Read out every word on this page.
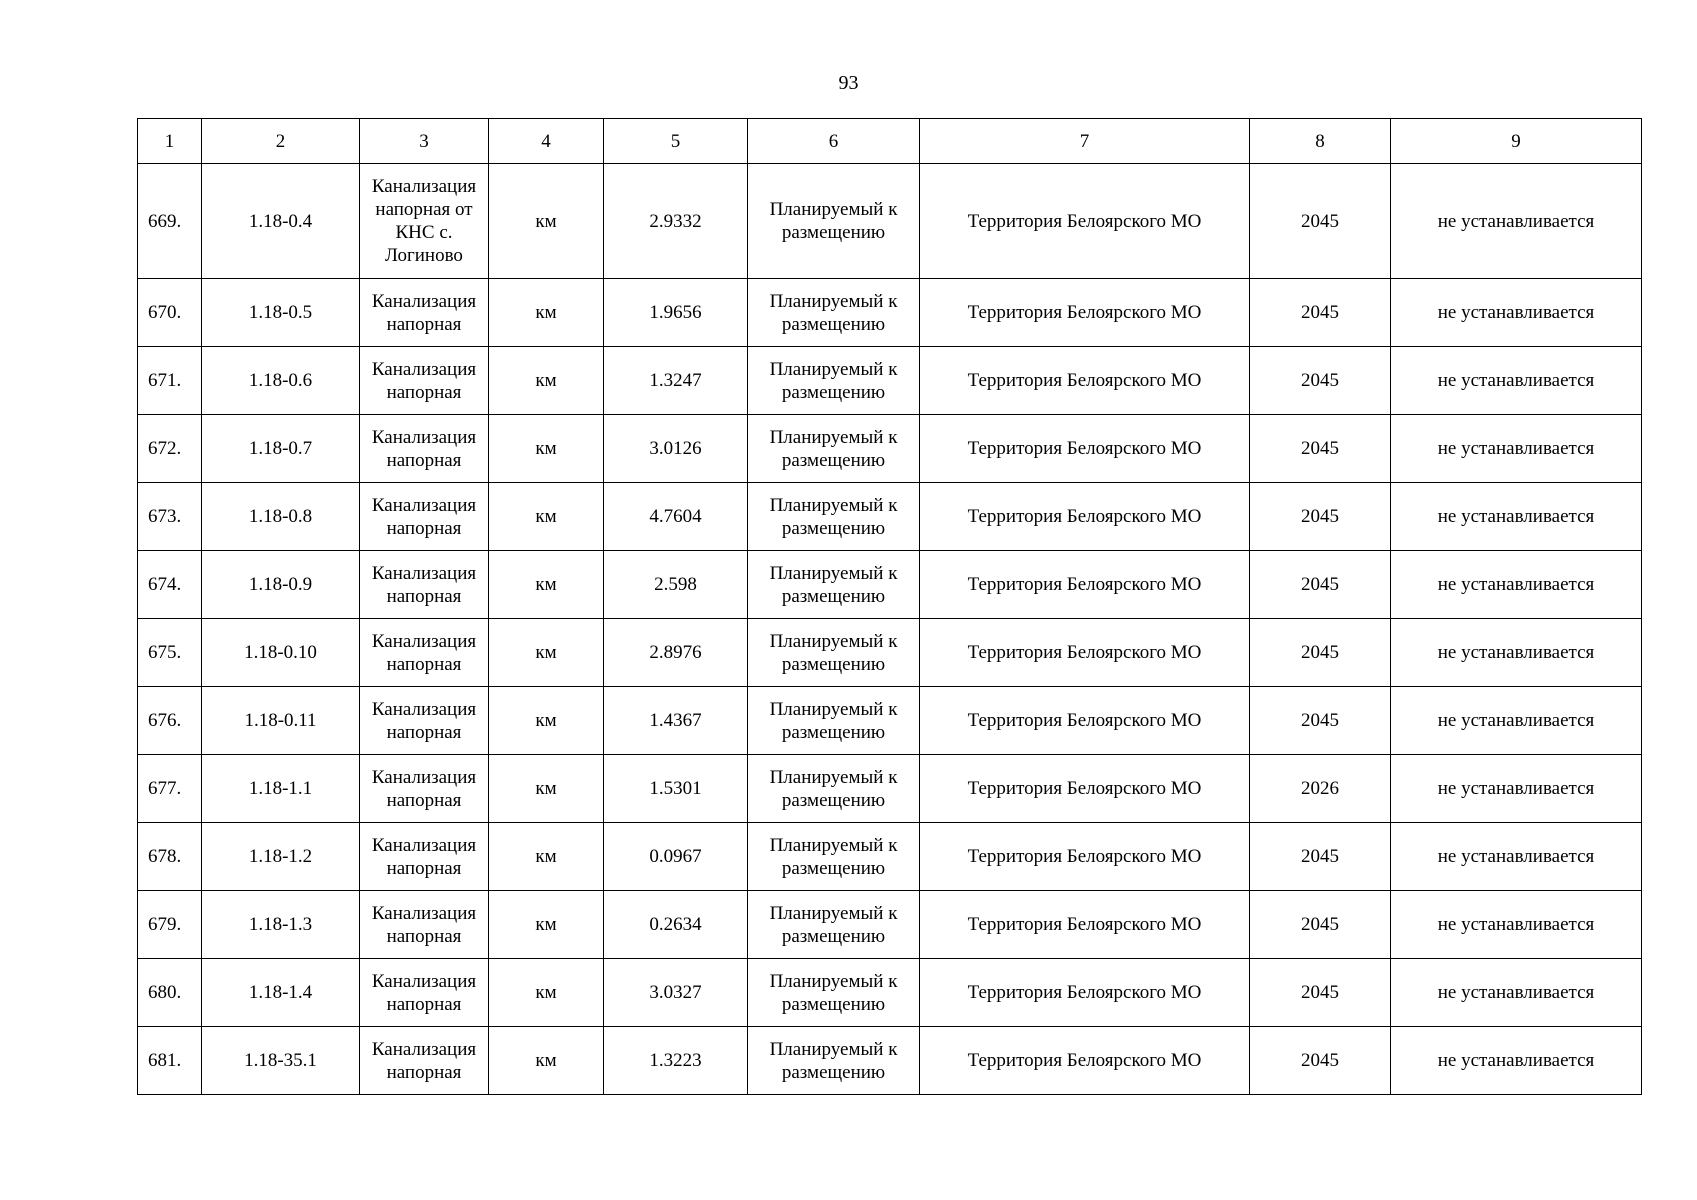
93
1	2	3	4	5	6	7	8	9
669.	1.18-0.4	Канализация напорная от КНС с. Логиново	км	2.9332	Планируемый к размещению	Территория Белоярского МО	2045	не устанавливается
670.	1.18-0.5	Канализация напорная	км	1.9656	Планируемый к размещению	Территория Белоярского МО	2045	не устанавливается
671.	1.18-0.6	Канализация напорная	км	1.3247	Планируемый к размещению	Территория Белоярского МО	2045	не устанавливается
672.	1.18-0.7	Канализация напорная	км	3.0126	Планируемый к размещению	Территория Белоярского МО	2045	не устанавливается
673.	1.18-0.8	Канализация напорная	км	4.7604	Планируемый к размещению	Территория Белоярского МО	2045	не устанавливается
674.	1.18-0.9	Канализация напорная	км	2.598	Планируемый к размещению	Территория Белоярского МО	2045	не устанавливается
675.	1.18-0.10	Канализация напорная	км	2.8976	Планируемый к размещению	Территория Белоярского МО	2045	не устанавливается
676.	1.18-0.11	Канализация напорная	км	1.4367	Планируемый к размещению	Территория Белоярского МО	2045	не устанавливается
677.	1.18-1.1	Канализация напорная	км	1.5301	Планируемый к размещению	Территория Белоярского МО	2026	не устанавливается
678.	1.18-1.2	Канализация напорная	км	0.0967	Планируемый к размещению	Территория Белоярского МО	2045	не устанавливается
679.	1.18-1.3	Канализация напорная	км	0.2634	Планируемый к размещению	Территория Белоярского МО	2045	не устанавливается
680.	1.18-1.4	Канализация напорная	км	3.0327	Планируемый к размещению	Территория Белоярского МО	2045	не устанавливается
681.	1.18-35.1	Канализация напорная	км	1.3223	Планируемый к размещению	Территория Белоярского МО	2045	не устанавливается
